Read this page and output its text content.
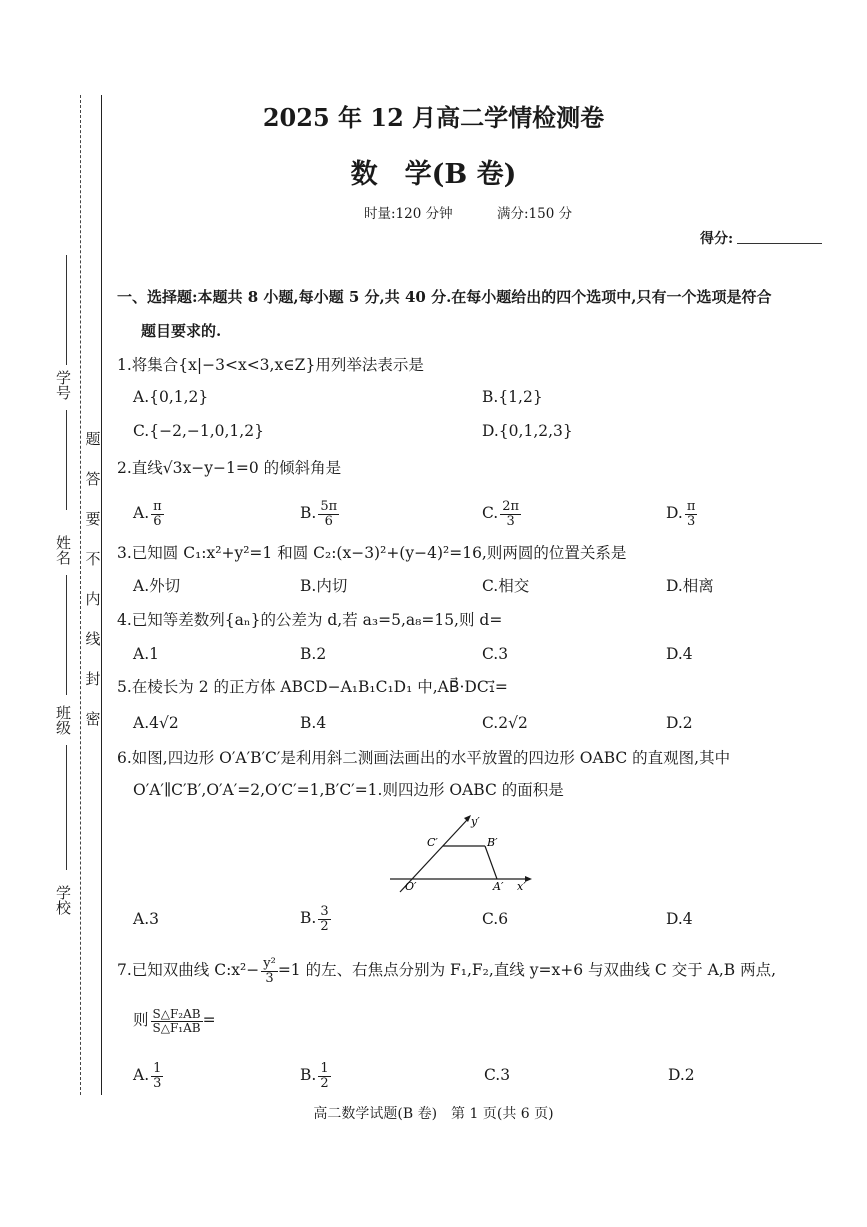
学号
姓名
班级
学校
题
答
要
不
内
线
封
密
2025 年 12 月高二学情检测卷
数　学(B 卷)
时量:120 分钟	满分:150 分
得分:
一、选择题:本题共 8 小题,每小题 5 分,共 40 分.在每小题给出的四个选项中,只有一个选项是符合
题目要求的.
1.将集合{x|−3<x<3,x∈Z}用列举法表示是
A.{0,1,2}	B.{1,2}
C.{−2,−1,0,1,2}	D.{0,1,2,3}
2.直线√3x−y−1=0 的倾斜角是
A. $\frac{\pi}{6}$	B. $\frac{5\pi}{6}$	C. $\frac{2\pi}{3}$	D. $\frac{\pi}{3}$
3.已知圆 C₁:x²+y²=1 和圆 C₂:(x−3)²+(y−4)²=16,则两圆的位置关系是
A.外切	B.内切	C.相交	D.相离
4.已知等差数列{aₙ}的公差为 d,若 a₃=5,a₈=15,则 d=
A.1	B.2	C.3	D.4
5.在棱长为 2 的正方体 ABCD−A₁B₁C₁D₁ 中,AB⃗·DC₁⃗=
A.4√2	B.4	C.2√2	D.2
6.如图,四边形 O′A′B′C′是利用斜二测画法画出的水平放置的四边形 OABC 的直观图,其中
O′A′∥C′B′,O′A′=2,O′C′=1,B′C′=1.则四边形 OABC 的面积是
C′	B′
O′	A′ x′
y′
A.3	B. $\frac{3}{2}$	C.6	D.4
7.已知双曲线 C:x²− $\frac{\text{y²}}{3} =1$ 的左、右焦点分别为 F₁,F₂,直线 y=x+6 与双曲线 C 交于 A,B 两点,
则 $\frac{\text{S△F₂AB}}{\text{S△F₁AB}}$ =
A. $\frac{1}{3}$	B. $\frac{1}{2}$	C.3	D.2
高二数学试题(B 卷)　第 1 页(共 6 页)
